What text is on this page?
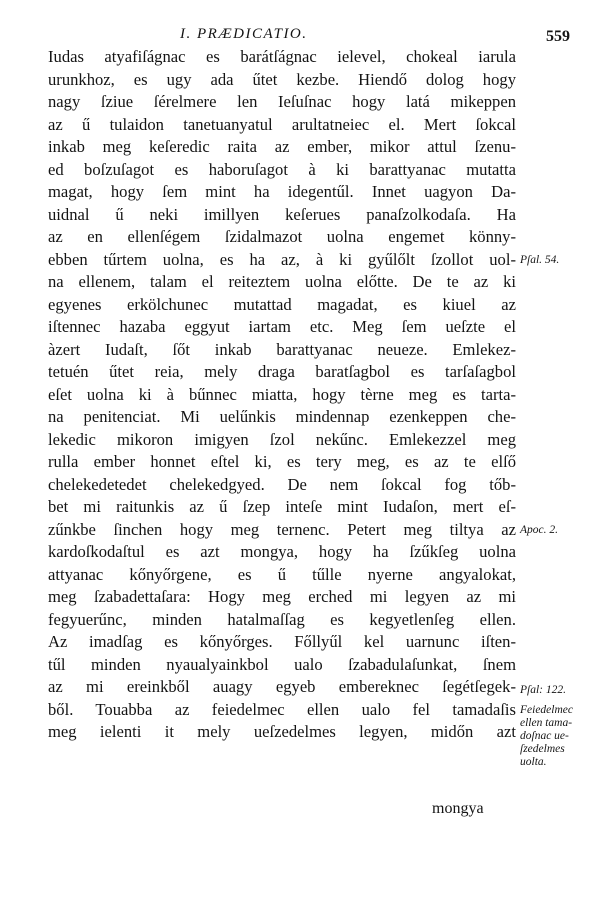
I. PRÆDICATIO.	559
Iudas atyafiſágnac es barátſágnac ielevel, chokeal iarula
urunkhoz, es ugy ada űtet kezbe. Hiendő dolog hogy
nagy ſziue ſérelmere len Ieſuſnac hogy latá mikeppen
az ű tulaidon tanetuanyatul arultatneiec el. Mert ſokcal
inkab meg keſeredic raita az ember, mikor attul ſzenu-
ed boſzuſagot es haboruſagot à ki barattyanac mutatta
magat, hogy ſem mint ha idegentűl. Innet uagyon Da-
uidnal ű neki imillyen keſerues panaſzolkodaſa. Ha
az en ellenſégem ſzidalmazot uolna engemet könny-
ebben tűrtem uolna, es ha az, à ki gyűlőlt ſzollot uol-
na ellenem, talam el reiteztem uolna előtte. De te az ki
egyenes erkölchunec mutattad magadat, es kiuel az
iſtennec hazaba eggyut iartam etc. Meg ſem ueſzte el
àzert Iudaſt, ſőt inkab barattyanac neueze. Emlekez-
tetuén űtet reia, mely draga baratſagbol es tarſaſagbol
eſet uolna ki à bűnnec miatta, hogy tèrne meg es tarta-
na penitenciat. Mi uelűnkis mindennap ezenkeppen che-
lekedic mikoron imigyen ſzol nekűnc. Emlekezzel meg
rulla ember honnet eſtel ki, es tery meg, es az te elſő
chelekedetedet chelekedgyed. De nem ſokcal fog tőb-
bet mi raitunkis az ű ſzep inteſe mint Iudaſon, mert eſ-
zűnkbe ſinchen hogy meg ternenc. Petert meg tiltya az
kardoſkodaſtul es azt mongya, hogy ha ſzűkſeg uolna
attyanac kőnyőrgene, es ű tűlle nyerne angyalokat,
meg ſzabadettaſara: Hogy meg erched mi legyen az mi
fegyuerűnc, minden hatalmaſſag es kegyetlenſeg ellen.
Az imadſag es kőnyőrges. Főllyűl kel uarnunc iſten-
tűl minden nyaualyainkbol ualo ſzabadulaſunkat, ſnem
az mi ereinkből auagy egyeb embereknec ſegétſegek-
ből. Touabba az feiedelmec ellen ualo fel tamadaſis
meg ielenti it mely ueſzedelmes legyen, midőn azt
Pſal. 54.
Apoc. 2.
Pſal: 122.
Feiedelmec
ellen tama-
doſnac ue-
ſzedelmes
uolta.
mongya
